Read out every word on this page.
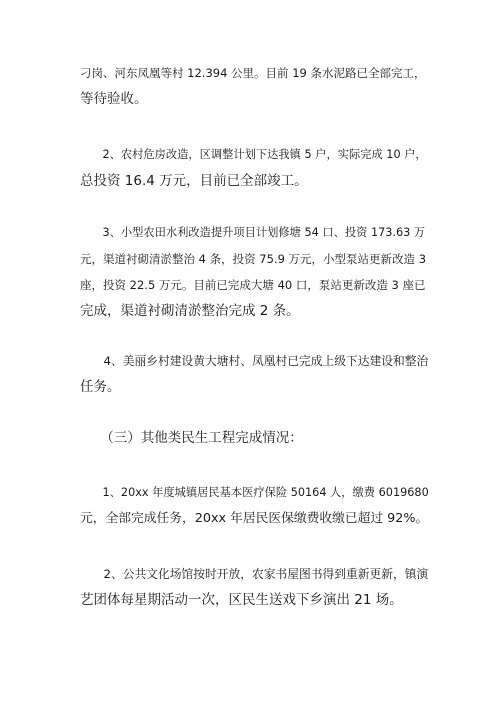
刁岗、河东凤凰等村 12.394 公里。目前 19 条水泥路已全部完工，
等待验收。
　　2、农村危房改造，区调整计划下达我镇 5 户，实际完成 10 户，
总投资 16.4 万元，目前已全部竣工。
　　3、小型农田水利改造提升项目计划修塘 54 口、投资 173.63 万
元，渠道衬砌清淤整治 4 条，投资 75.9 万元，小型泵站更新改造 3
座，投资 22.5 万元。目前已完成大塘 40 口，泵站更新改造 3 座已
完成，渠道衬砌清淤整治完成 2 条。
　　4、美丽乡村建设黄大塘村、凤凰村已完成上级下达建设和整治
任务。
　　（三）其他类民生工程完成情况：
　　1、20xx 年度城镇居民基本医疗保险 50164 人，缴费 6019680
元，全部完成任务，20xx 年居民医保缴费收缴已超过 92%。
　　2、公共文化场馆按时开放，农家书屋图书得到重新更新，镇演
艺团体每星期活动一次，区民生送戏下乡演出 21 场。
